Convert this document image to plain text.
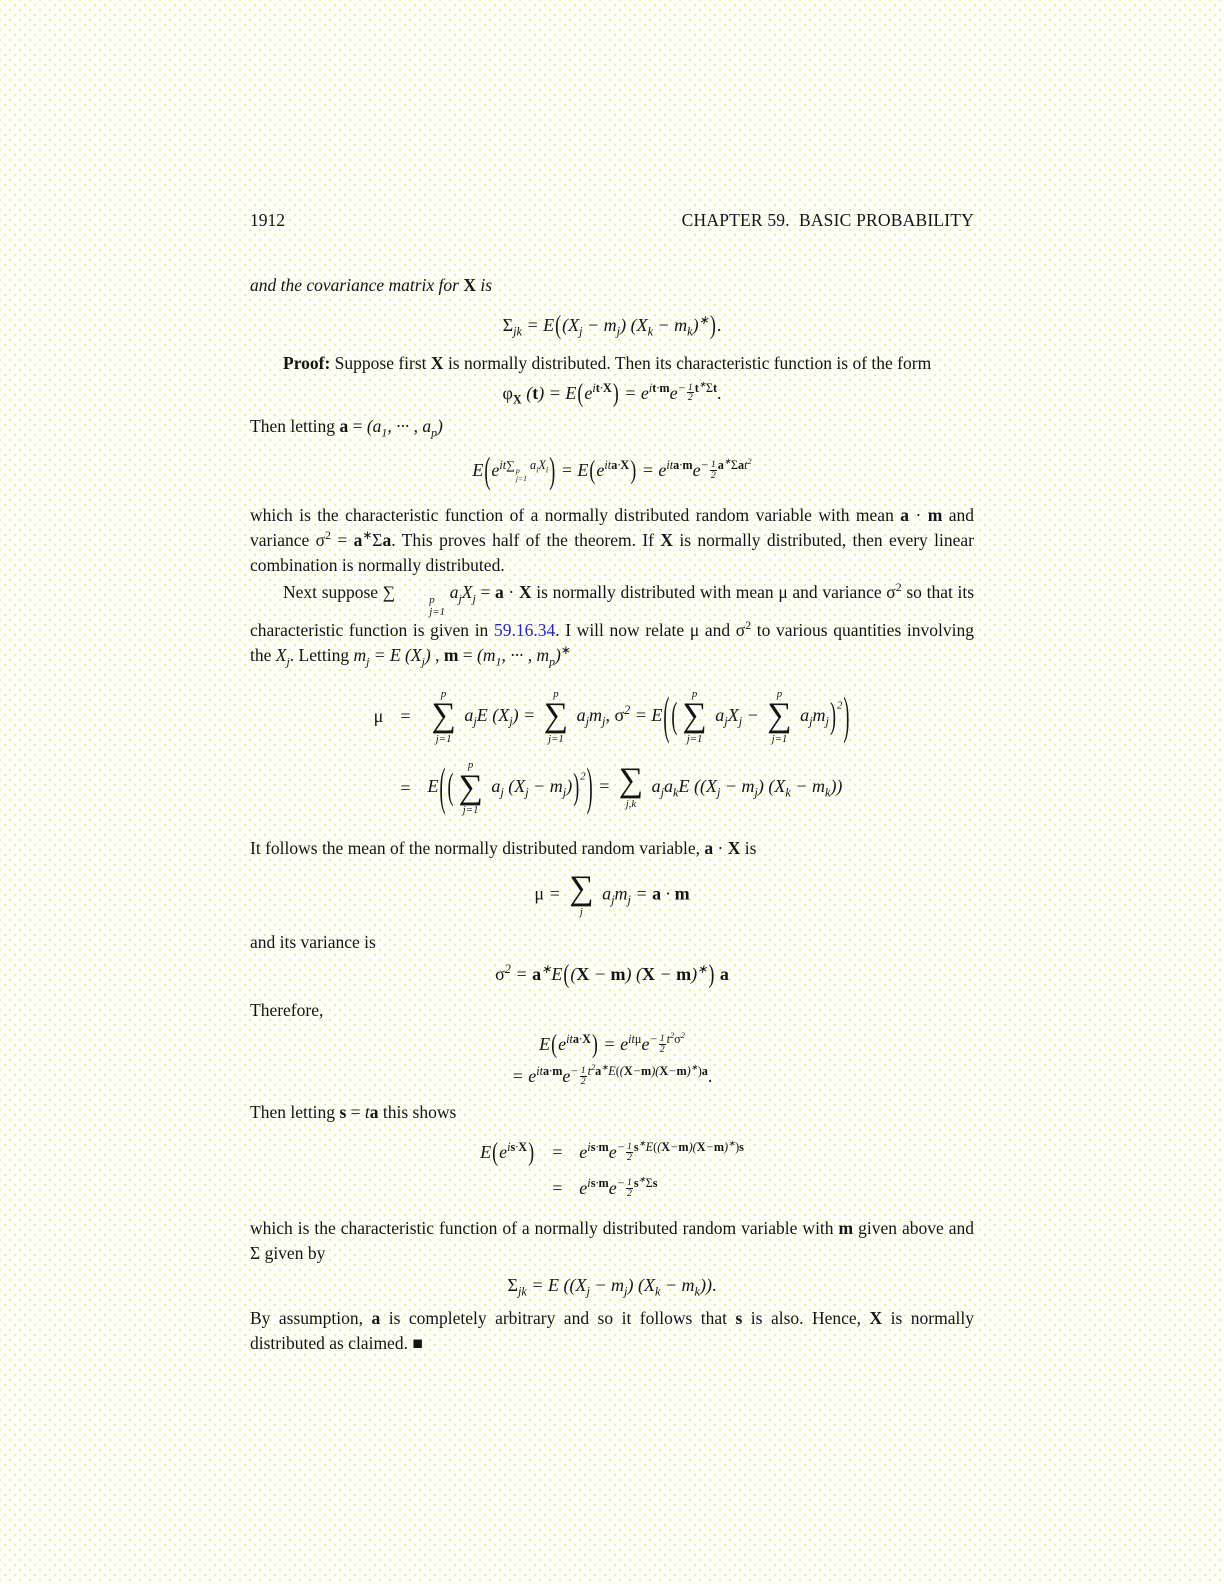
1912	CHAPTER 59.  BASIC PROBABILITY

and the covariance matrix for X is

$\Sigma_{jk} = E((X_j - m_j) (X_k - m_k)^∗)$.

Proof: Suppose first X is normally distributed. Then its characteristic function is of the form

$\varphi_X$ $(t) = E(e^{it\cdot X}) = e^{it\cdot m}e^{- \frac{1}{2} t^∗\Sigma t}$.

Then letting $a = (a_1$, ··· , $a_p$)

$E(e^{it\sum p j=1 a_iX_i}) = E(e^{ita\cdot X}) = e^{ita\cdot m}e^{- \frac{1}{2} a^∗\Sigma at^2}$

which is the characteristic function of a normally distributed random variable with mean a · m and variance $\sigma^2 = a^∗\Sigma a$. This proves half of the theorem. If X is normally distributed, then every linear combination is normally distributed.

Next suppose ∑	p
j=1
$a_jX_j = a \cdot X$ is normally distributed with mean μ and variance $\sigma^2$ so that its characteristic function is given in 59.16.34. I will now relate μ and $\sigma^2$ to various quantities involving the $X_j$. Letting $m_j = E$ $(X_j)$ , $m = (m_1$, ··· , $m_p)^∗$

μ =
p
∑
j=1
$a_jE$ $(X_j)$ =
p
∑
j=1
$a_jm_j$, $\sigma^2 = E$( (
p
∑
j=1
$a_jX_j$ −
p
∑
j=1
$a_jm_j)^2$)
= E( (
p
∑
j=1
$a_j$ $(X_j - m_j))^2$) = ∑
j,k
$a_ja_kE$ $((X_j - m_j) (X_k - m_k))$

It follows the mean of the normally distributed random variable, a · X is

μ = ∑
j
$a_jm_j = a \cdot m$

and its variance is

$\sigma^2 = a^∗E((X - m) (X - m)^∗)$ a

Therefore,

$E(e^{ita\cdot X}) = e^{it\mu}e^{- \frac{1}{2} t^2\sigma^2}$
= $e^{ita\cdot m}e^{- \frac{1}{2} t^2a^∗E((X-m)(X-m)^∗)a}$.

Then letting s = ta this shows

$E(e^{is\cdot X}) = e^{is\cdot m}e^{- \frac{1}{2} s^∗E((X-m)(X-m)^∗)s}$
= $e^{is\cdot m}e^{- \frac{1}{2} s^∗\Sigma s}$

which is the characteristic function of a normally distributed random variable with m given above and Σ given by

$\Sigma_{jk} = E$ $((X_j - m_j) (X_k - m_k))$.

By assumption, a is completely arbitrary and so it follows that s is also. Hence, X is normally distributed as claimed. ■
